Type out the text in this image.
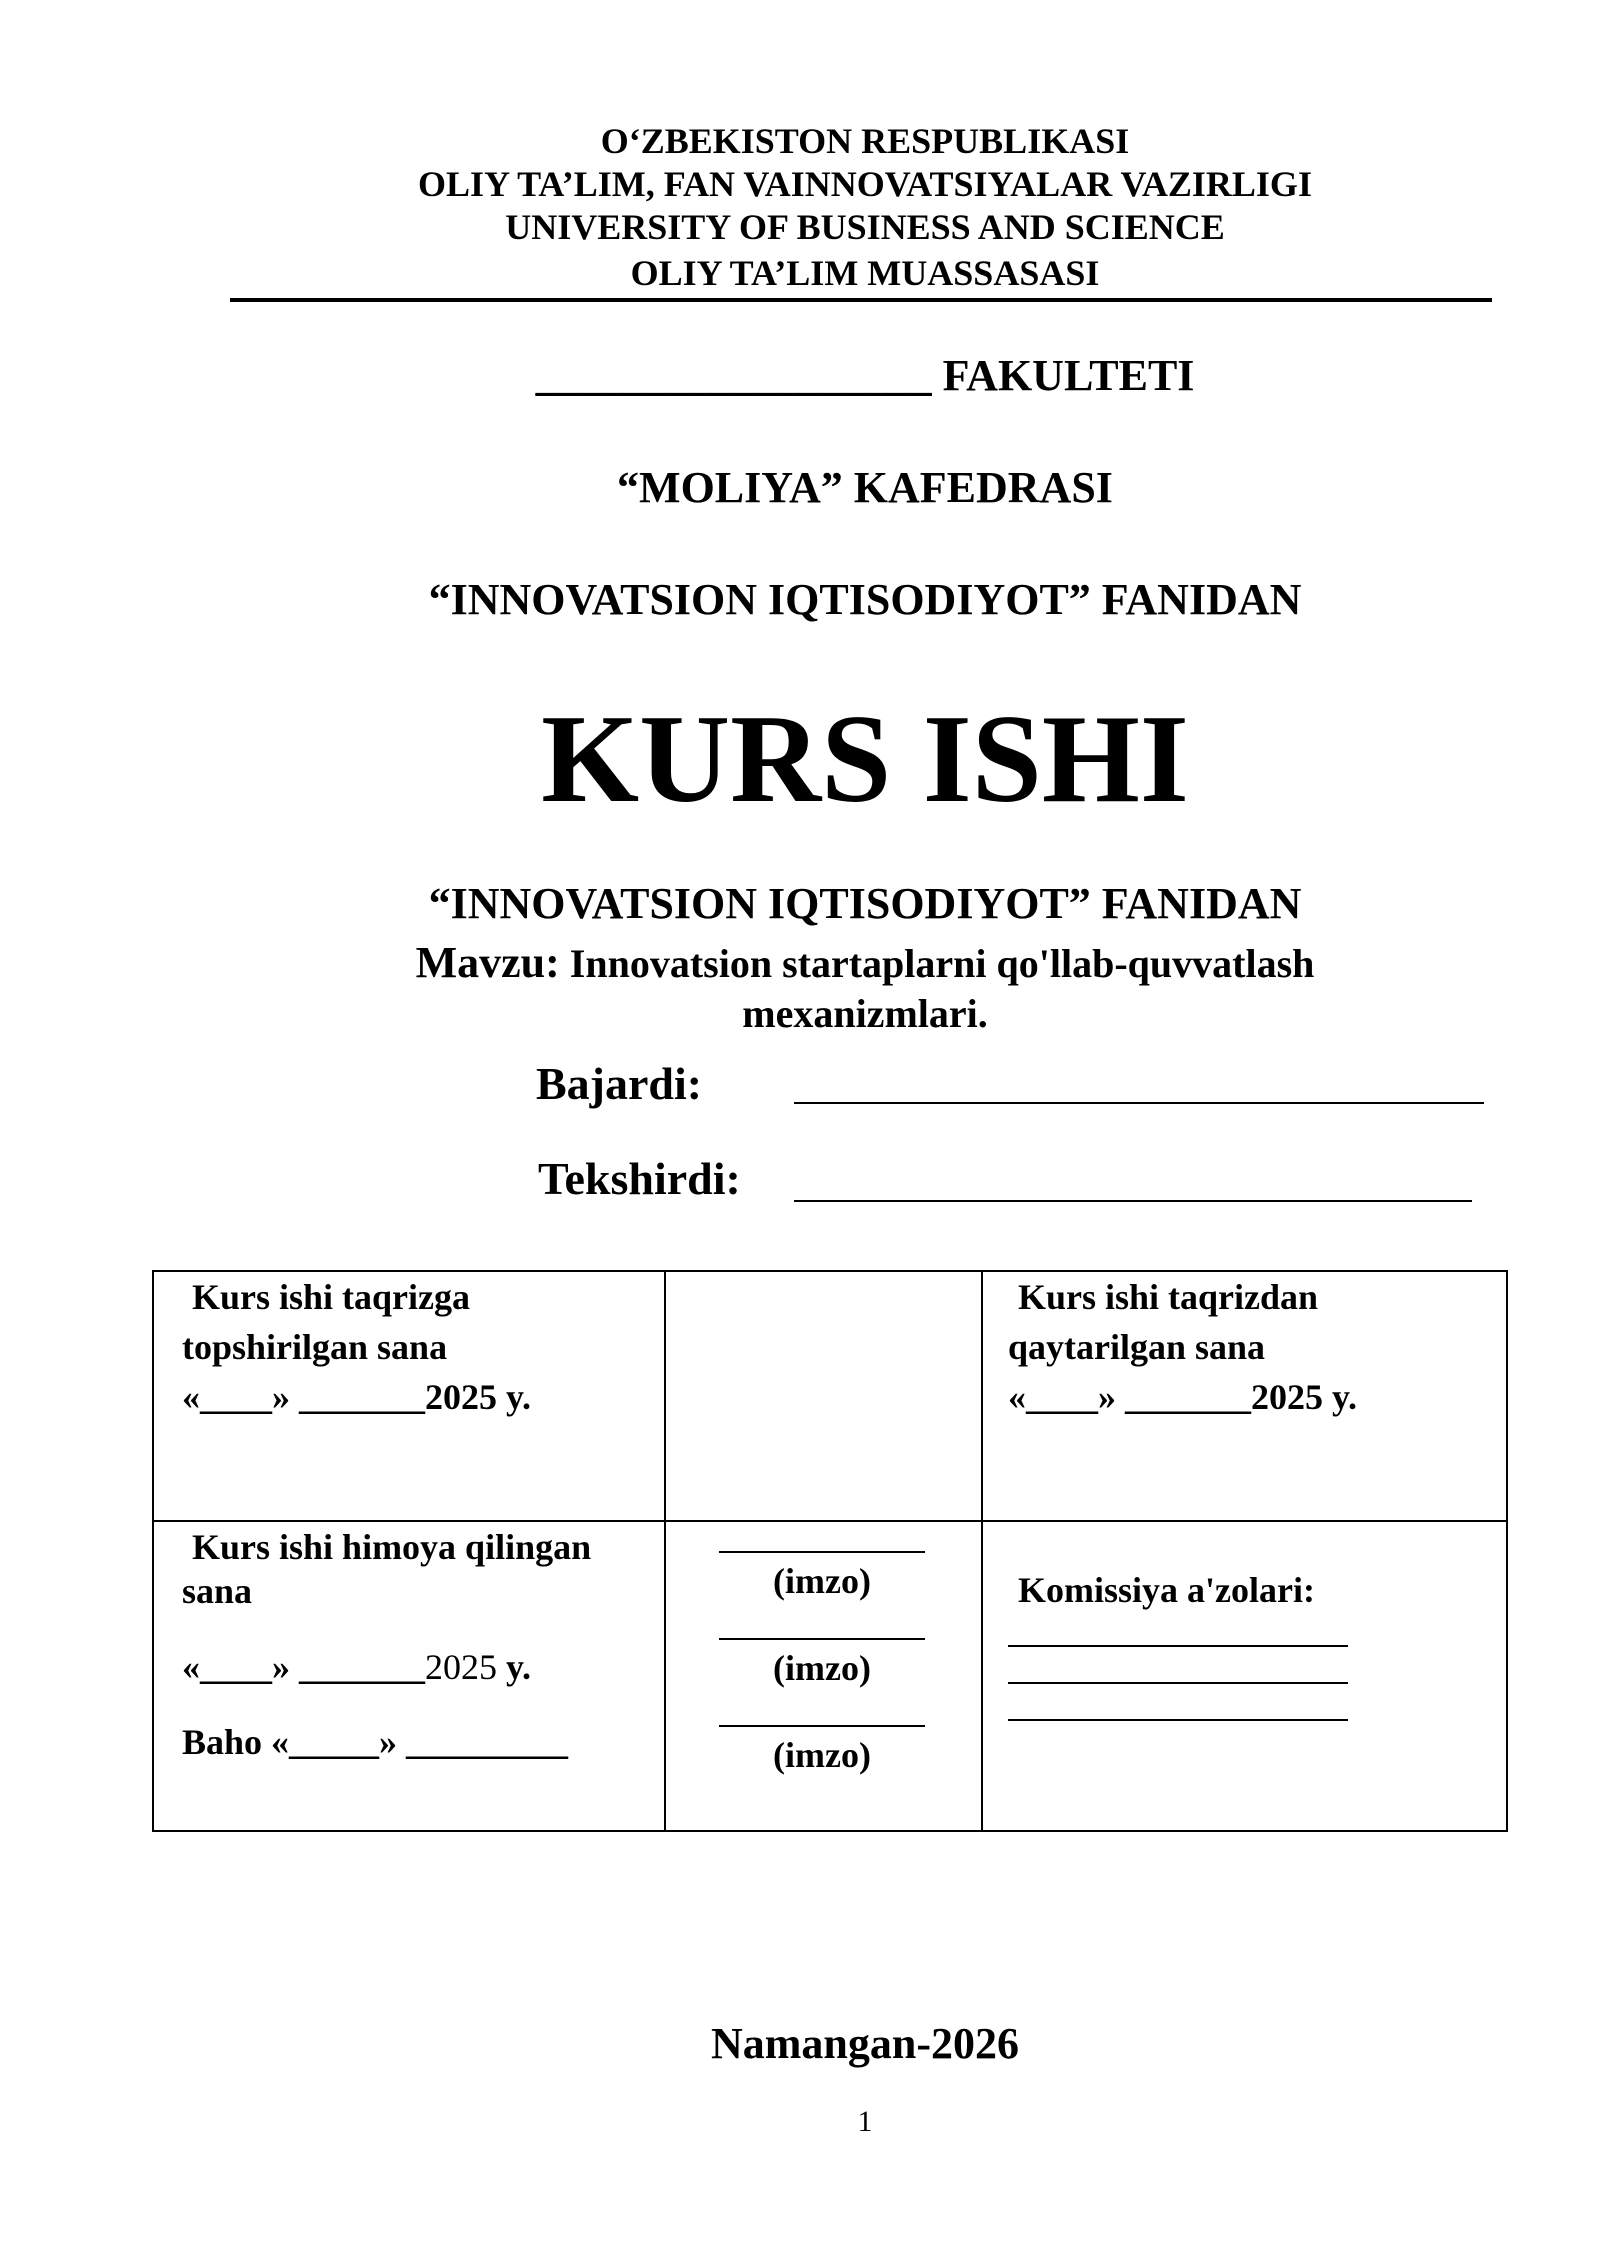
O‘ZBEKISTON RESPUBLIKASI
OLIY TA’LIM, FAN VAINNOVATSIYALAR VAZIRLIGI
UNIVERSITY OF BUSINESS AND SCIENCE
OLIY TA’LIM MUASSASASI
__________________ FAKULTETI
“MOLIYA” KAFEDRASI
“INNOVATSION IQTISODIYOT” FANIDAN
KURS ISHI
“INNOVATSION IQTISODIYOT” FANIDAN
Mavzu: Innovatsion startaplarni qo'llab-quvvatlash
mexanizmlari.
Bajardi:
Tekshirdi:
Kurs ishi taqrizga
topshirilgan sana
«____» _______2025 y.
Kurs ishi taqrizdan
qaytarilgan sana
«____» _______2025 y.
Kurs ishi himoya qilingan
sana
«____» _______2025 y.
Baho «_____» _________
(imzo)
(imzo)
(imzo)
Komissiya a'zolari:
Namangan-2026
1
